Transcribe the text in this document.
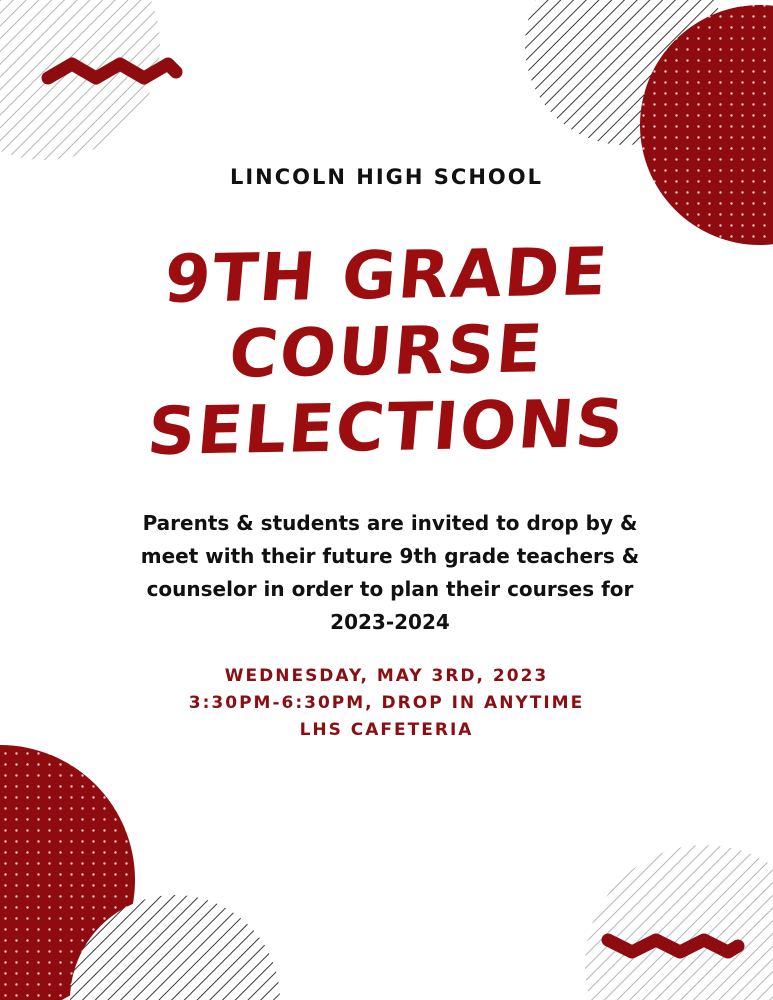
LINCOLN HIGH SCHOOL
9TH GRADE
COURSE
SELECTIONS
Parents & students are invited to drop by &
meet with their future 9th grade teachers &
counselor in order to plan their courses for
2023-2024
WEDNESDAY, MAY 3RD, 2023
3:30PM-6:30PM, DROP IN ANYTIME
LHS CAFETERIA
